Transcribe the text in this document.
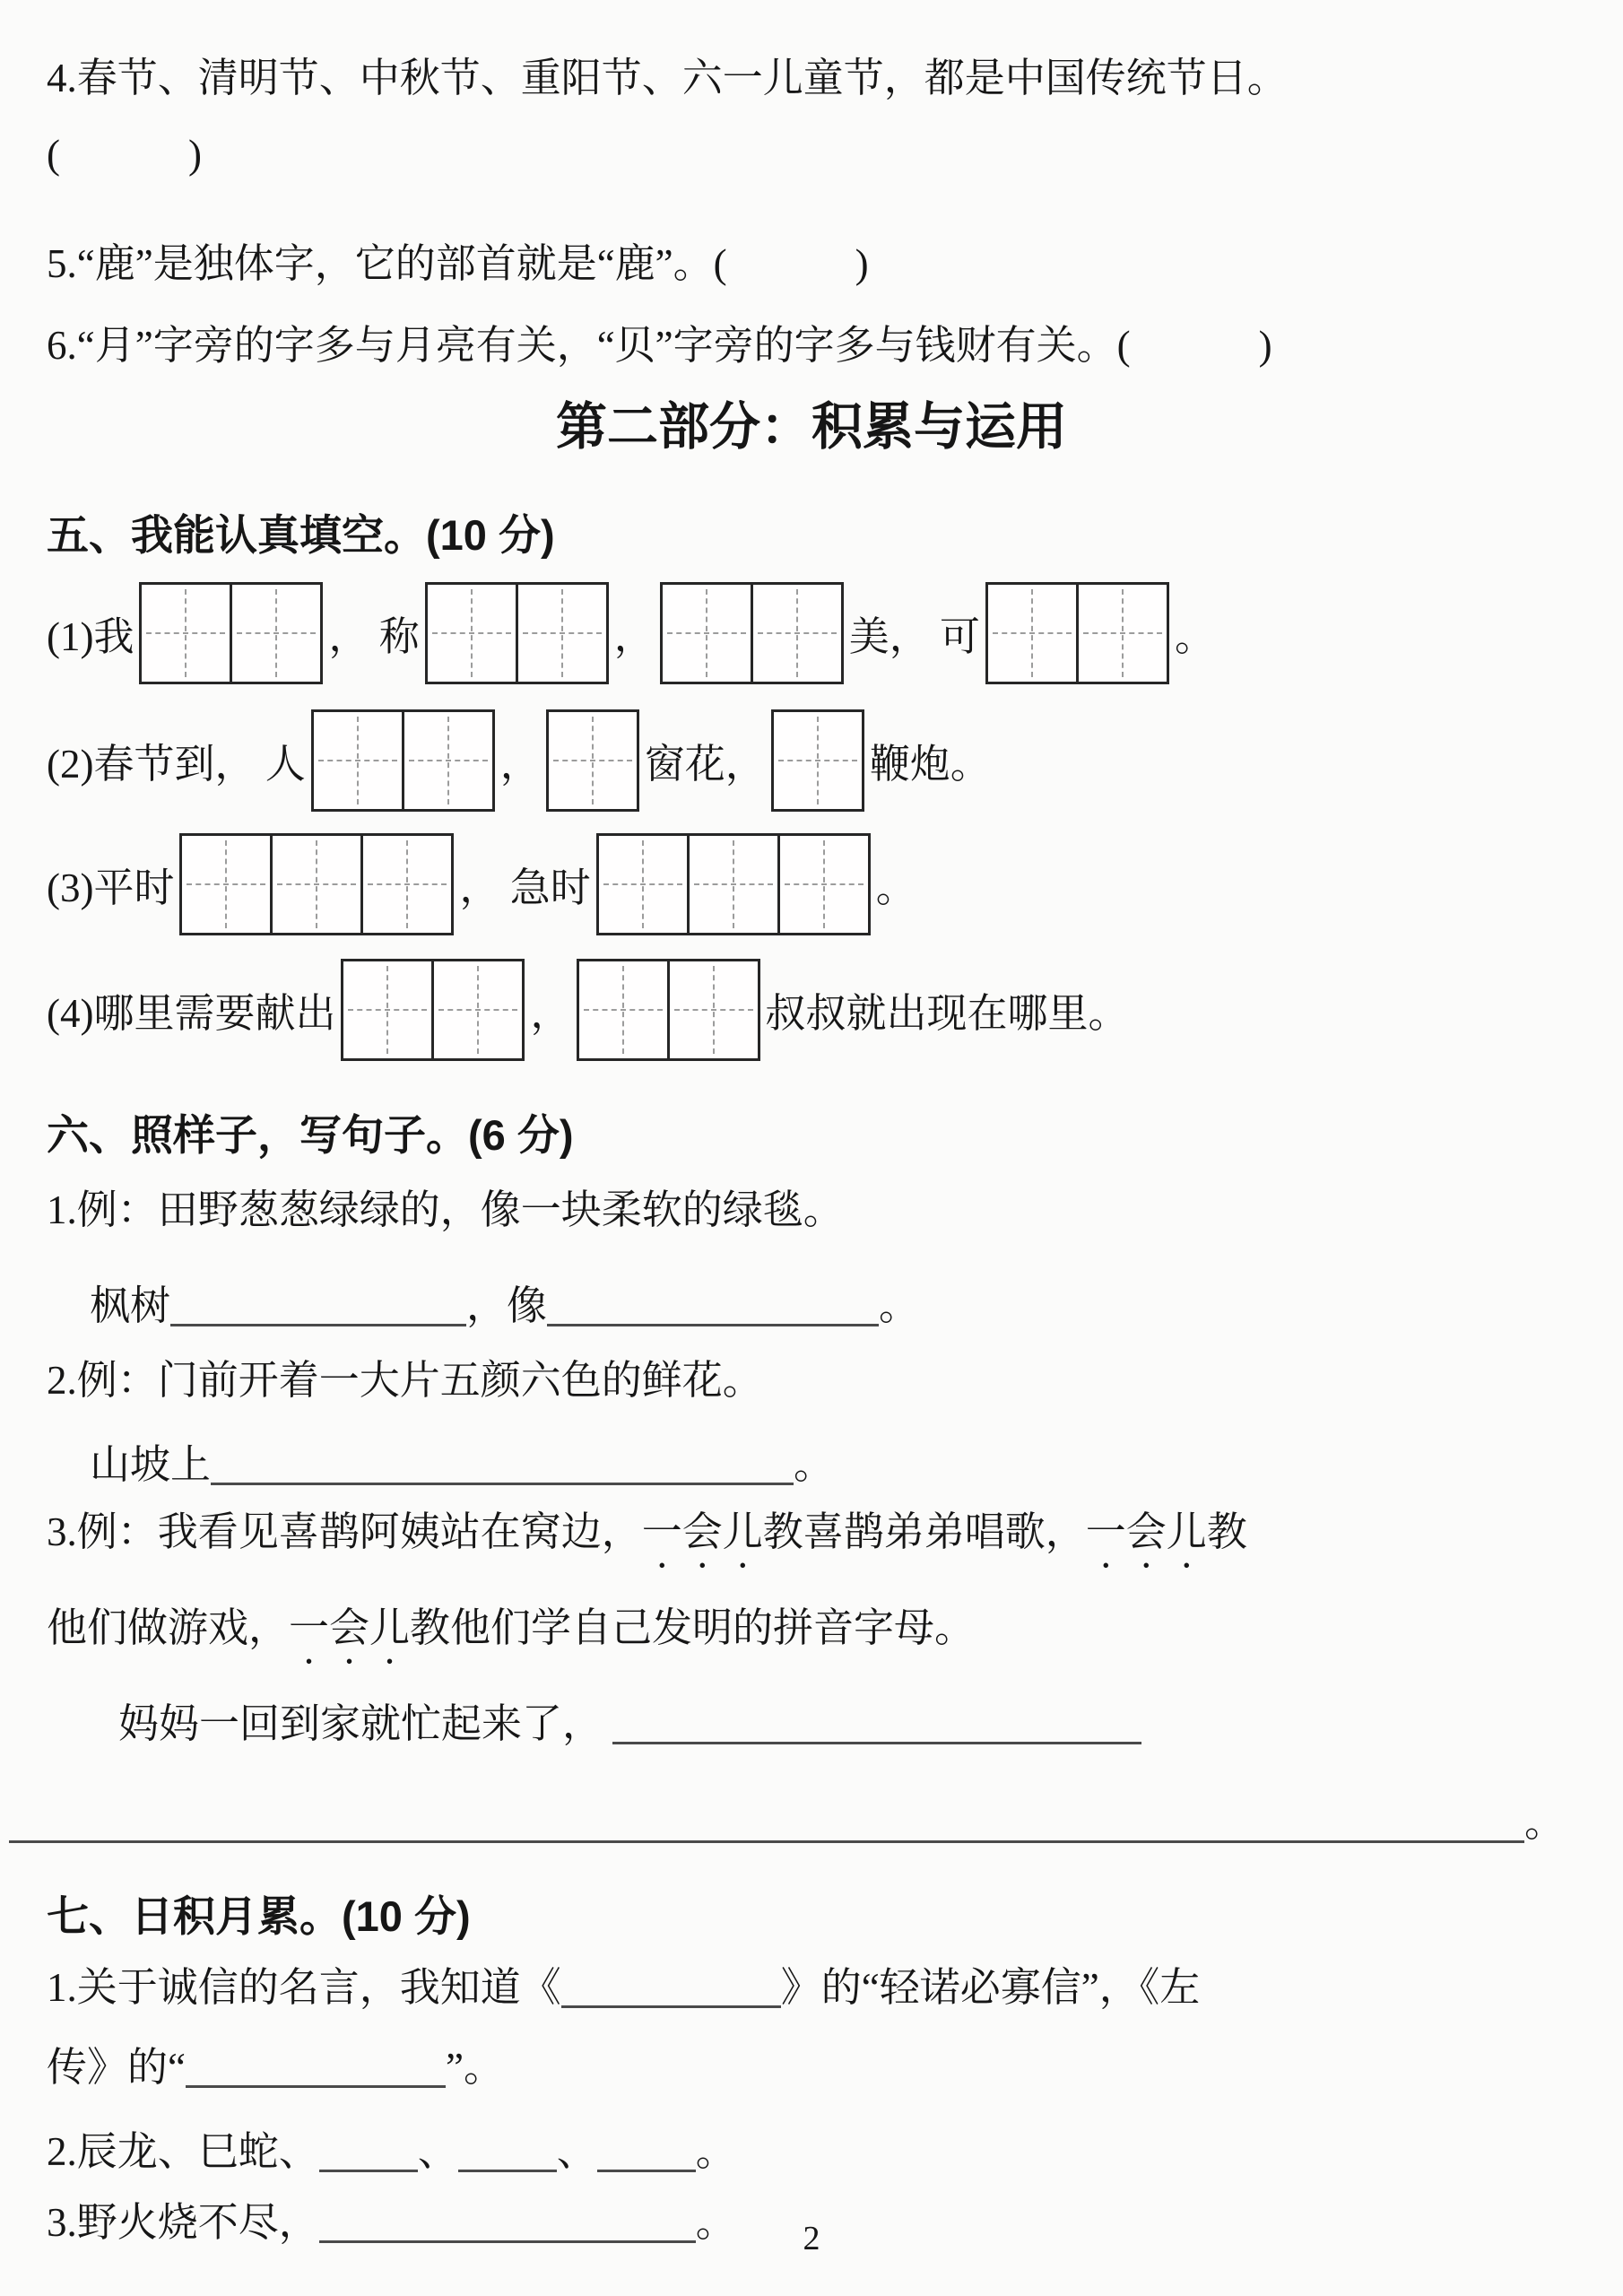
4.春节、清明节、中秋节、重阳节、六一儿童节，都是中国传统节日。
(　　　)
5.“鹿”是独体字，它的部首就是“鹿”。(　　　)
6.“月”字旁的字多与月亮有关，“贝”字旁的字多与钱财有关。(　　　)
第二部分：积累与运用
五、我能认真填空。(10 分)
(1)我	， 称	，	美， 可	。
(2)春节到， 人	，	窗花，	鞭炮。
(3)平时	， 急时	。
(4)哪里需要献出	，	叔叔就出现在哪里。
六、照样子，写句子。(6 分)
1.例：田野葱葱绿绿的，像一块柔软的绿毯。
枫树	，像	。
2.例：门前开着一大片五颜六色的鲜花。
山坡上	。
3.例：我看见喜鹊阿姨站在窝边，一会儿教喜鹊弟弟唱歌，一会儿教
他们做游戏，一会儿教他们学自己发明的拼音字母。
妈妈一回到家就忙起来了，
。
七、日积月累。(10 分)
1.关于诚信的名言，我知道《	》的“轻诺必寡信”，《左
传》的“	”。
2.辰龙、巳蛇、 、 、 。
3.野火烧不尽，	。	2
